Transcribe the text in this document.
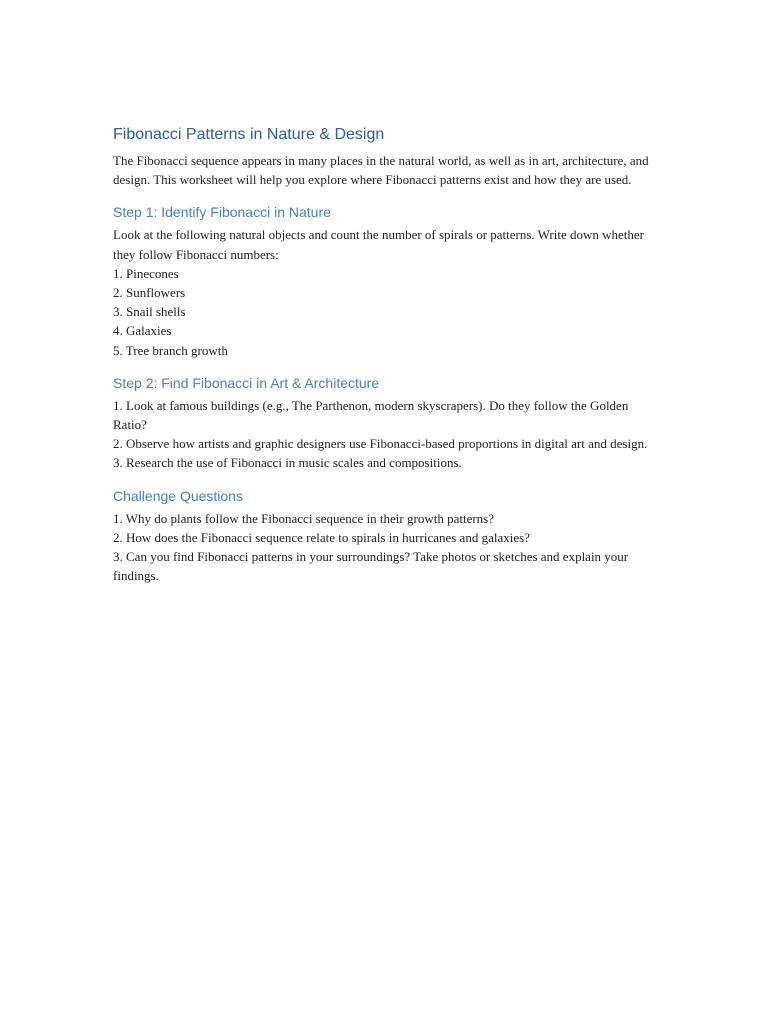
Fibonacci Patterns in Nature & Design

The Fibonacci sequence appears in many places in the natural world, as well as in art, architecture, and design. This worksheet will help you explore where Fibonacci patterns exist and how they are used.

Step 1: Identify Fibonacci in Nature

Look at the following natural objects and count the number of spirals or patterns. Write down whether they follow Fibonacci numbers:

1. Pinecones
2. Sunflowers
3. Snail shells
4. Galaxies
5. Tree branch growth
Step 2: Find Fibonacci in Art & Architecture
1. Look at famous buildings (e.g., The Parthenon, modern skyscrapers). Do they follow the Golden Ratio?
2. Observe how artists and graphic designers use Fibonacci-based proportions in digital art and design.
3. Research the use of Fibonacci in music scales and compositions.
Challenge Questions
1. Why do plants follow the Fibonacci sequence in their growth patterns?
2. How does the Fibonacci sequence relate to spirals in hurricanes and galaxies?
3. Can you find Fibonacci patterns in your surroundings? Take photos or sketches and explain your findings.
